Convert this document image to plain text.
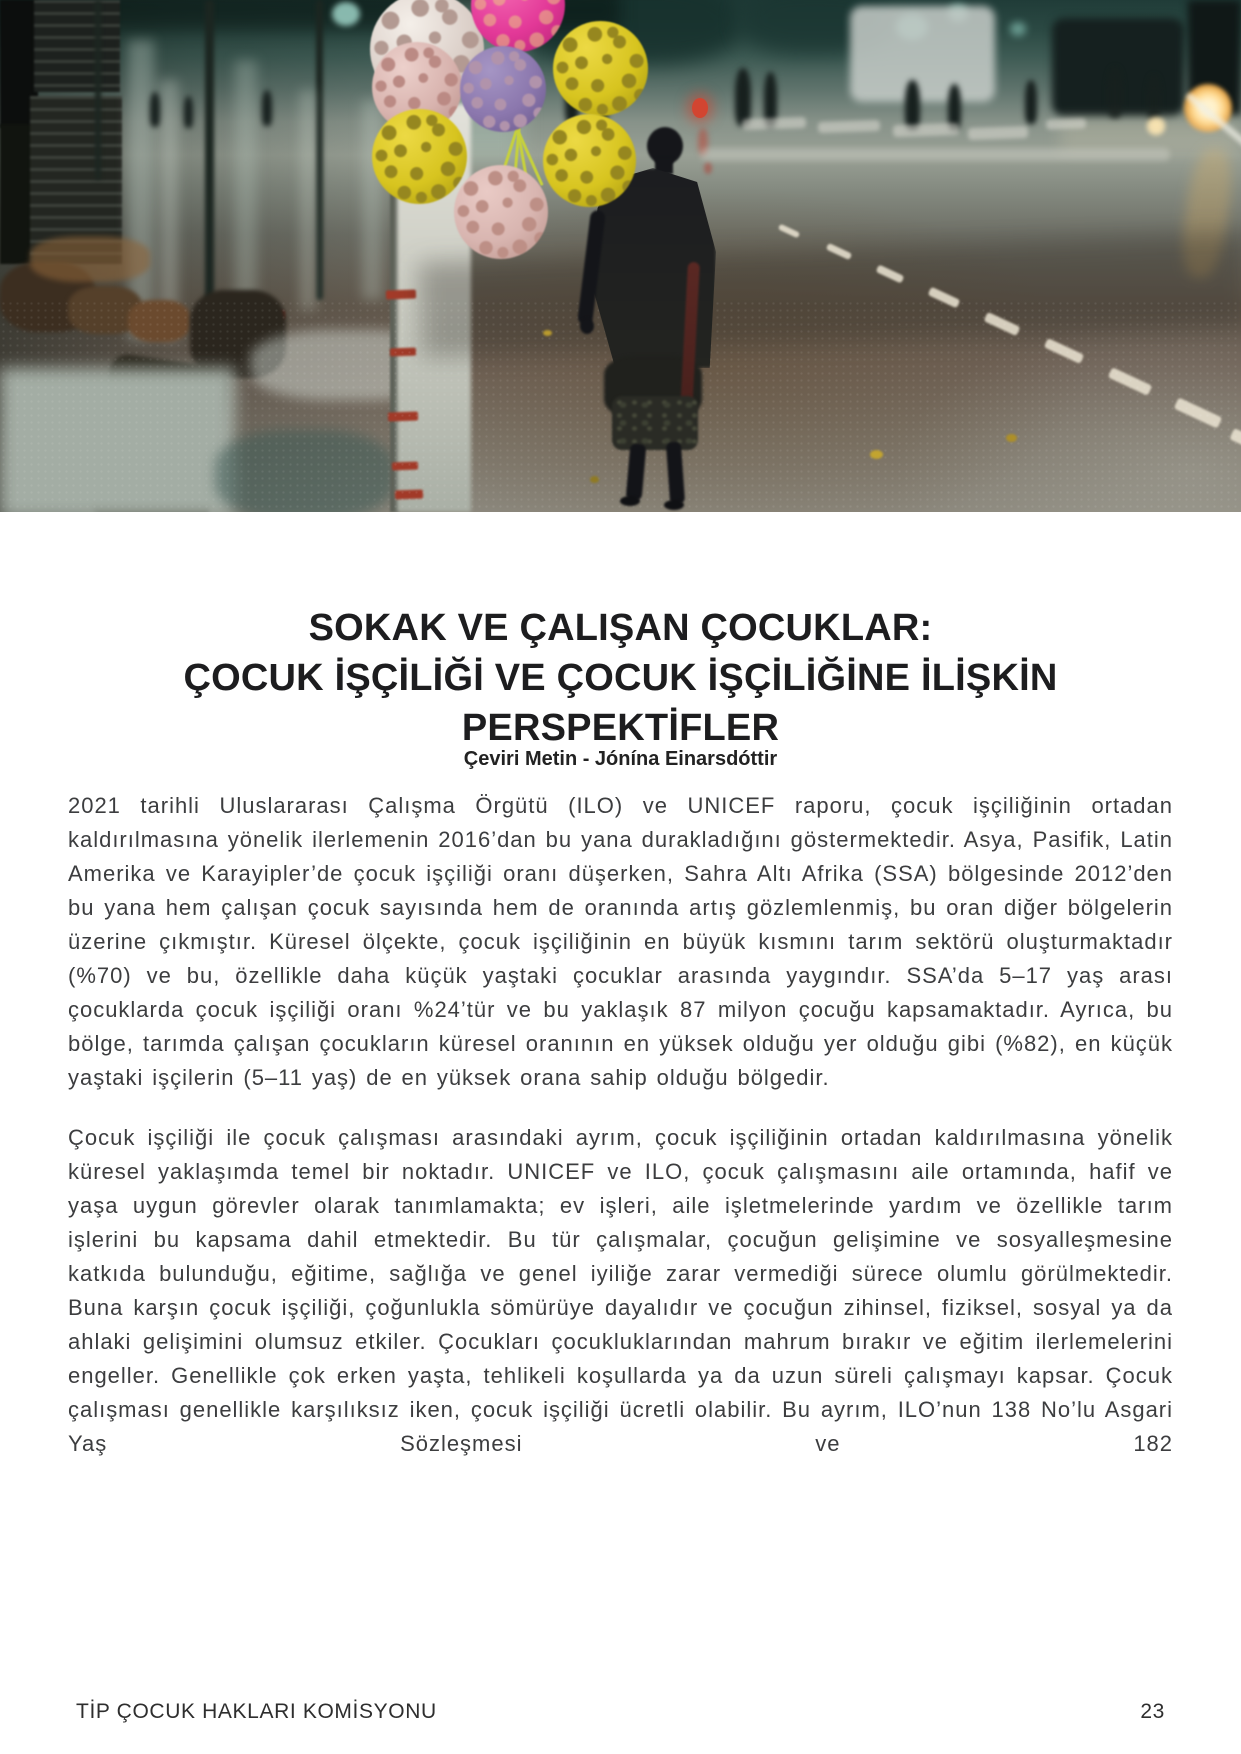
SOKAK VE ÇALIŞAN ÇOCUKLAR:
ÇOCUK İŞÇİLİĞİ VE ÇOCUK İŞÇİLİĞİNE İLİŞKİN
PERSPEKTİFLER
Çeviri Metin - Jónína Einarsdóttir

2021 tarihli Uluslararası Çalışma Örgütü (ILO) ve UNICEF raporu, çocuk işçiliğinin ortadan kaldırılmasına yönelik ilerlemenin 2016’dan bu yana durakladığını göstermektedir. Asya, Pasifik, Latin Amerika ve Karayipler’de çocuk işçiliği oranı düşerken, Sahra Altı Afrika (SSA) bölgesinde 2012’den bu yana hem çalışan çocuk sayısında hem de oranında artış gözlemlenmiş, bu oran diğer bölgelerin üzerine çıkmıştır. Küresel ölçekte, çocuk işçiliğinin en büyük kısmını tarım sektörü oluşturmaktadır (%70) ve bu, özellikle daha küçük yaştaki çocuklar arasında yaygındır. SSA’da 5–17 yaş arası çocuklarda çocuk işçiliği oranı %24’tür ve bu yaklaşık 87 milyon çocuğu kapsamaktadır. Ayrıca, bu bölge, tarımda çalışan çocukların küresel oranının en yüksek olduğu yer olduğu gibi (%82), en küçük yaştaki işçilerin (5–11 yaş) de en yüksek orana sahip olduğu bölgedir.

Çocuk işçiliği ile çocuk çalışması arasındaki ayrım, çocuk işçiliğinin ortadan kaldırılmasına yönelik küresel yaklaşımda temel bir noktadır. UNICEF ve ILO, çocuk çalışmasını aile ortamında, hafif ve yaşa uygun görevler olarak tanımlamakta; ev işleri, aile işletmelerinde yardım ve özellikle tarım işlerini bu kapsama dahil etmektedir. Bu tür çalışmalar, çocuğun gelişimine ve sosyalleşmesine katkıda bulunduğu, eğitime, sağlığa ve genel iyiliğe zarar vermediği sürece olumlu görülmektedir. Buna karşın çocuk işçiliği, çoğunlukla sömürüye dayalıdır ve çocuğun zihinsel, fiziksel, sosyal ya da ahlaki gelişimini olumsuz etkiler. Çocukları çocukluklarından mahrum bırakır ve eğitim ilerlemelerini engeller. Genellikle çok erken yaşta, tehlikeli koşullarda ya da uzun süreli çalışmayı kapsar. Çocuk çalışması genellikle karşılıksız iken, çocuk işçiliği ücretli olabilir. Bu ayrım, ILO’nun 138 No’lu Asgari Yaş Sözleşmesi ve 182

TİP ÇOCUK HAKLARI KOMİSYONU	23
